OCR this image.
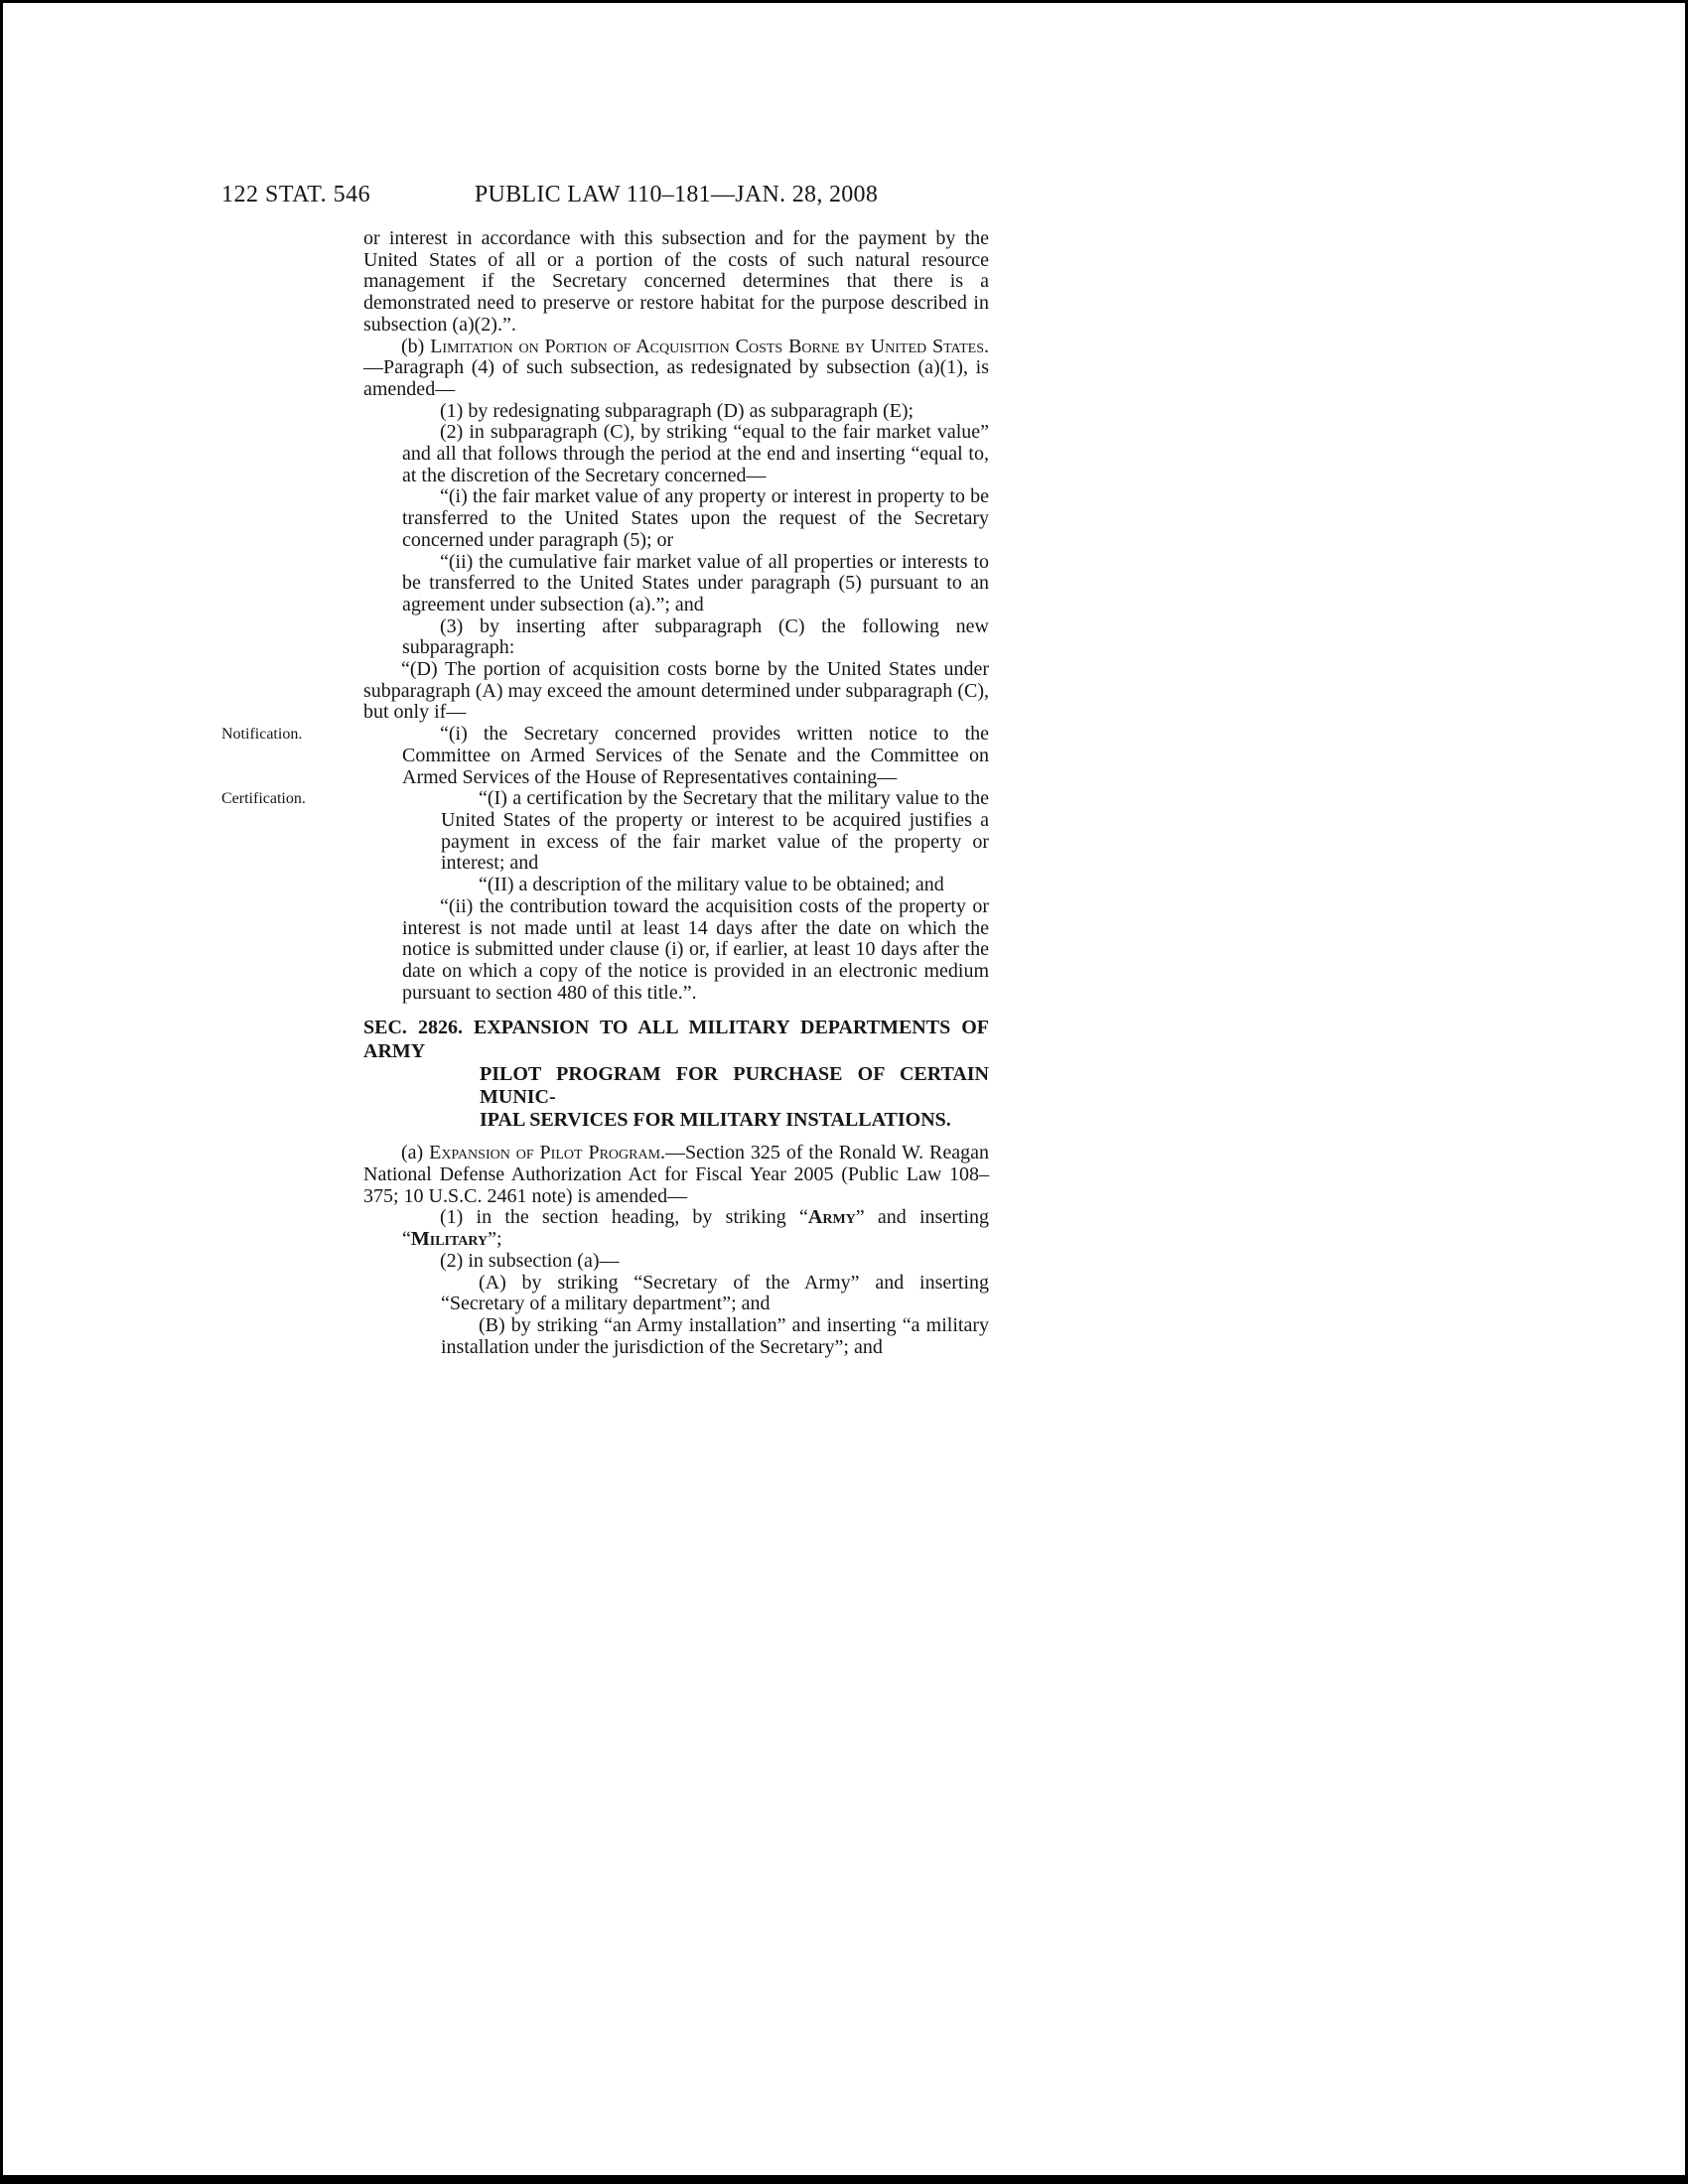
122 STAT. 546	PUBLIC LAW 110–181—JAN. 28, 2008

or interest in accordance with this subsection and for the payment by the United States of all or a portion of the costs of such natural resource management if the Secretary concerned determines that there is a demonstrated need to preserve or restore habitat for the purpose described in subsection (a)(2).”.

(b) Limitation on Portion of Acquisition Costs Borne by United States.—Paragraph (4) of such subsection, as redesignated by subsection (a)(1), is amended—

(1) by redesignating subparagraph (D) as subparagraph (E);

(2) in subparagraph (C), by striking “equal to the fair market value” and all that follows through the period at the end and inserting “equal to, at the discretion of the Secretary concerned—

“(i) the fair market value of any property or interest in property to be transferred to the United States upon the request of the Secretary concerned under paragraph (5); or

“(ii) the cumulative fair market value of all properties or interests to be transferred to the United States under paragraph (5) pursuant to an agreement under subsection (a).”; and

(3) by inserting after subparagraph (C) the following new subparagraph:

“(D) The portion of acquisition costs borne by the United States under subparagraph (A) may exceed the amount determined under subparagraph (C), but only if—

Notification.	“(i) the Secretary concerned provides written notice to the Committee on Armed Services of the Senate and the Committee on Armed Services of the House of Representatives containing—

Certification.	“(I) a certification by the Secretary that the military value to the United States of the property or interest to be acquired justifies a payment in excess of the fair market value of the property or interest; and

“(II) a description of the military value to be obtained; and

“(ii) the contribution toward the acquisition costs of the property or interest is not made until at least 14 days after the date on which the notice is submitted under clause (i) or, if earlier, at least 10 days after the date on which a copy of the notice is provided in an electronic medium pursuant to section 480 of this title.”.

SEC. 2826. EXPANSION TO ALL MILITARY DEPARTMENTS OF ARMY
PILOT PROGRAM FOR PURCHASE OF CERTAIN MUNIC-
IPAL SERVICES FOR MILITARY INSTALLATIONS.

(a) Expansion of Pilot Program.—Section 325 of the Ronald W. Reagan National Defense Authorization Act for Fiscal Year 2005 (Public Law 108–375; 10 U.S.C. 2461 note) is amended—

(1) in the section heading, by striking “Army” and inserting “Military”;

(2) in subsection (a)—

(A) by striking “Secretary of the Army” and inserting “Secretary of a military department”; and

(B) by striking “an Army installation” and inserting “a military installation under the jurisdiction of the Secretary”; and
